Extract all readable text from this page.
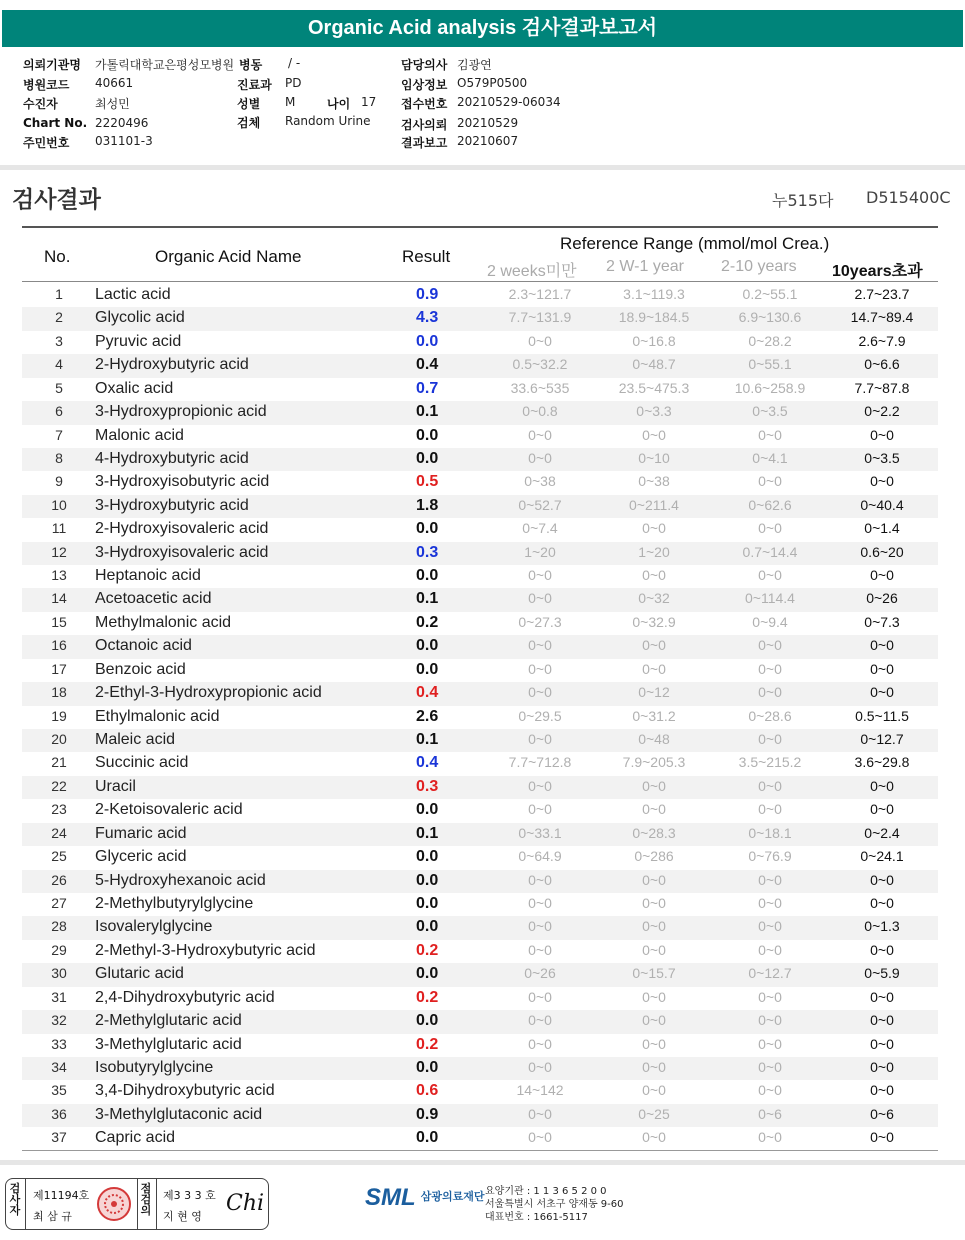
Organic Acid analysis 검사결과보고서
의뢰기관명 가톨릭대학교은평성모병원 병동 / -	담당의사 김광연
병원코드 40661	진료과 PD	임상정보 O579P0500
수진자	최성민	성별 M	나이 17 접수번호 20210529-06034
Chart No. 2220496	검체 Random Urine	검사의뢰 20210529
주민번호 031101-3	결과보고 20210607
검사결과	누515다 D515400C
No.	Organic Acid Name	Result
Reference Range (mmol/mol Crea.)
2 weeks미만 2 W-1 year 2-10 years 10years초과
1	Lactic acid	0.9	2.3~121.7	3.1~119.3	0.2~55.1	2.7~23.7
2	Glycolic acid	4.3	7.7~131.9	18.9~184.5	6.9~130.6	14.7~89.4
3	Pyruvic acid	0.0	0~0	0~16.8	0~28.2	2.6~7.9
4	2-Hydroxybutyric acid	0.4	0.5~32.2	0~48.7	0~55.1	0~6.6
5	Oxalic acid	0.7	33.6~535	23.5~475.3	10.6~258.9	7.7~87.8
6	3-Hydroxypropionic acid	0.1	0~0.8	0~3.3	0~3.5	0~2.2
7	Malonic acid	0.0	0~0	0~0	0~0	0~0
8	4-Hydroxybutyric acid	0.0	0~0	0~10	0~4.1	0~3.5
9	3-Hydroxyisobutyric acid	0.5	0~38	0~38	0~0	0~0
10	3-Hydroxybutyric acid	1.8	0~52.7	0~211.4	0~62.6	0~40.4
11	2-Hydroxyisovaleric acid	0.0	0~7.4	0~0	0~0	0~1.4
12	3-Hydroxyisovaleric acid	0.3	1~20	1~20	0.7~14.4	0.6~20
13	Heptanoic acid	0.0	0~0	0~0	0~0	0~0
14	Acetoacetic acid	0.1	0~0	0~32	0~114.4	0~26
15	Methylmalonic acid	0.2	0~27.3	0~32.9	0~9.4	0~7.3
16	Octanoic acid	0.0	0~0	0~0	0~0	0~0
17	Benzoic acid	0.0	0~0	0~0	0~0	0~0
18	2-Ethyl-3-Hydroxypropionic acid	0.4	0~0	0~12	0~0	0~0
19	Ethylmalonic acid	2.6	0~29.5	0~31.2	0~28.6	0.5~11.5
20	Maleic acid	0.1	0~0	0~48	0~0	0~12.7
21	Succinic acid	0.4	7.7~712.8	7.9~205.3	3.5~215.2	3.6~29.8
22	Uracil	0.3	0~0	0~0	0~0	0~0
23	2-Ketoisovaleric acid	0.0	0~0	0~0	0~0	0~0
24	Fumaric acid	0.1	0~33.1	0~28.3	0~18.1	0~2.4
25	Glyceric acid	0.0	0~64.9	0~286	0~76.9	0~24.1
26	5-Hydroxyhexanoic acid	0.0	0~0	0~0	0~0	0~0
27	2-Methylbutyrylglycine	0.0	0~0	0~0	0~0	0~0
28	Isovalerylglycine	0.0	0~0	0~0	0~0	0~1.3
29	2-Methyl-3-Hydroxybutyric acid	0.2	0~0	0~0	0~0	0~0
30	Glutaric acid	0.0	0~26	0~15.7	0~12.7	0~5.9
31	2,4-Dihydroxybutyric acid	0.2	0~0	0~0	0~0	0~0
32	2-Methylglutaric acid	0.0	0~0	0~0	0~0	0~0
33	3-Methylglutaric acid	0.2	0~0	0~0	0~0	0~0
34	Isobutyrylglycine	0.0	0~0	0~0	0~0	0~0
35	3,4-Dihydroxybutyric acid	0.6	14~142	0~0	0~0	0~0
36	3-Methylglutaconic acid	0.9	0~0	0~25	0~6	0~6
37	Capric acid	0.0	0~0	0~0	0~0	0~0
검사자
제11194호
최 삼 규
점검의
제3 3 3 호
지 현 영
Chi	SML $^{삼광의료재단}$ 요양기관 : 1 1 3 6 5 2 0 0
서울특별시 서초구 양재동 9-60
대표번호 : 1661-5117
